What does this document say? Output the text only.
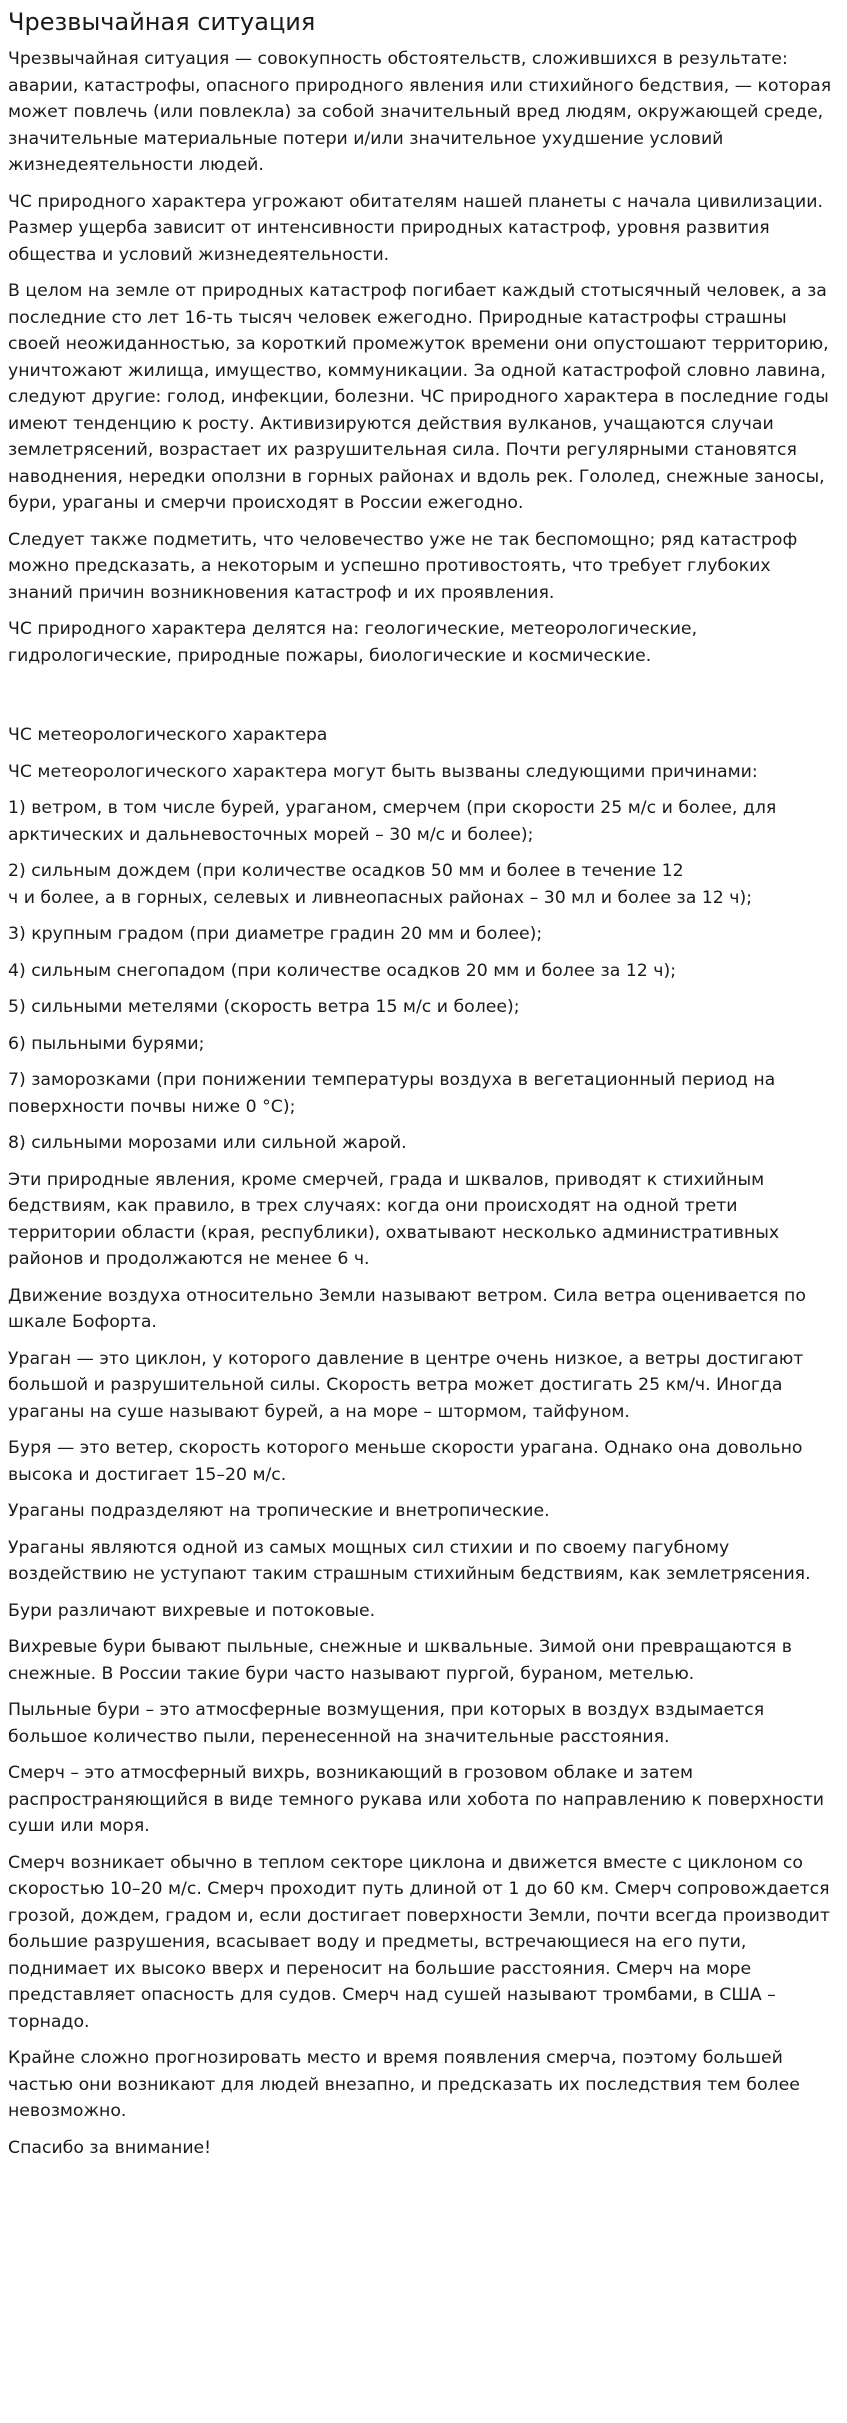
Чрезвычайная ситуация

Чрезвычайная ситуация — совокупность обстоятельств, сложившихся в результате: аварии, катастрофы, опасного природного явления или стихийного бедствия, — которая может повлечь (или повлекла) за собой значительный вред людям, окружающей среде, значительные материальные потери и/или значительное ухудшение условий жизнедеятельности людей.

ЧС природного характера угрожают обитателям нашей планеты с начала цивилизации. Размер ущерба зависит от интенсивности природных катастроф, уровня развития общества и условий жизнедеятельности.

В целом на земле от природных катастроф погибает каждый стотысячный человек, а за последние сто лет 16-ть тысяч человек ежегодно. Природные катастрофы страшны своей неожиданностью, за короткий промежуток времени они опустошают территорию, уничтожают жилища, имущество, коммуникации. За одной катастрофой словно лавина, следуют другие: голод, инфекции, болезни. ЧС природного характера в последние годы имеют тенденцию к росту. Активизируются действия вулканов, учащаются случаи землетрясений, возрастает их разрушительная сила. Почти регулярными становятся наводнения, нередки оползни в горных районах и вдоль рек. Гололед, снежные заносы, бури, ураганы и смерчи происходят в России ежегодно.

Следует также подметить, что человечество уже не так беспомощно; ряд катастроф можно предсказать, а некоторым и успешно противостоять, что требует глубоких знаний причин возникновения катастроф и их проявления.

ЧС природного характера делятся на: геологические, метеорологические, гидрологические, природные пожары, биологические и космические.

ЧС метеорологического характера

ЧС метеорологического характера могут быть вызваны следующими причинами:

1) ветром, в том числе бурей, ураганом, смерчем (при скорости 25 м/с и более, для арктических и дальневосточных морей – 30 м/с и более);

2) сильным дождем (при количестве осадков 50 мм и более в течение 12
ч и более, а в горных, селевых и ливнеопасных районах – 30 мл и более за 12 ч);

3) крупным градом (при диаметре градин 20 мм и более);

4) сильным снегопадом (при количестве осадков 20 мм и более за 12 ч);

5) сильными метелями (скорость ветра 15 м/с и более);

6) пыльными бурями;

7) заморозками (при понижении температуры воздуха в вегетационный период на поверхности почвы ниже 0 °С);

8) сильными морозами или сильной жарой.

Эти природные явления, кроме смерчей, града и шквалов, приводят к стихийным бедствиям, как правило, в трех случаях: когда они происходят на одной трети территории области (края, республики), охватывают несколько административных районов и продолжаются не менее 6 ч.

Движение воздуха относительно Земли называют ветром. Сила ветра оценивается по шкале Бофорта.

Ураган — это циклон, у которого давление в центре очень низкое, а ветры достигают большой и разрушительной силы. Скорость ветра может достигать 25 км/ч. Иногда ураганы на суше называют бурей, а на море – штормом, тайфуном.

Буря — это ветер, скорость которого меньше скорости урагана. Однако она довольно высока и достигает 15–20 м/с.

Ураганы подразделяют на тропические и внетропические.

Ураганы являются одной из самых мощных сил стихии и по своему пагубному воздействию не уступают таким страшным стихийным бедствиям, как землетрясения.

Бури различают вихревые и потоковые.

Вихревые бури бывают пыльные, снежные и шквальные. Зимой они превращаются в снежные. В России такие бури часто называют пургой, бураном, метелью.

Пыльные бури – это атмосферные возмущения, при которых в воздух вздымается большое количество пыли, перенесенной на значительные расстояния.

Смерч – это атмосферный вихрь, возникающий в грозовом облаке и затем распространяющийся в виде темного рукава или хобота по направлению к поверхности суши или моря.

Смерч возникает обычно в теплом секторе циклона и движется вместе с циклоном со скоростью 10–20 м/с. Смерч проходит путь длиной от 1 до 60 км. Смерч сопровождается грозой, дождем, градом и, если достигает поверхности Земли, почти всегда производит большие разрушения, всасывает воду и предметы, встречающиеся на его пути, поднимает их высоко вверх и переносит на большие расстояния. Смерч на море представляет опасность для судов. Смерч над сушей называют тромбами, в США – торнадо.

Крайне сложно прогнозировать место и время появления смерча, поэтому большей частью они возникают для людей внезапно, и предсказать их последствия тем более невозможно.

Спасибо за внимание!
